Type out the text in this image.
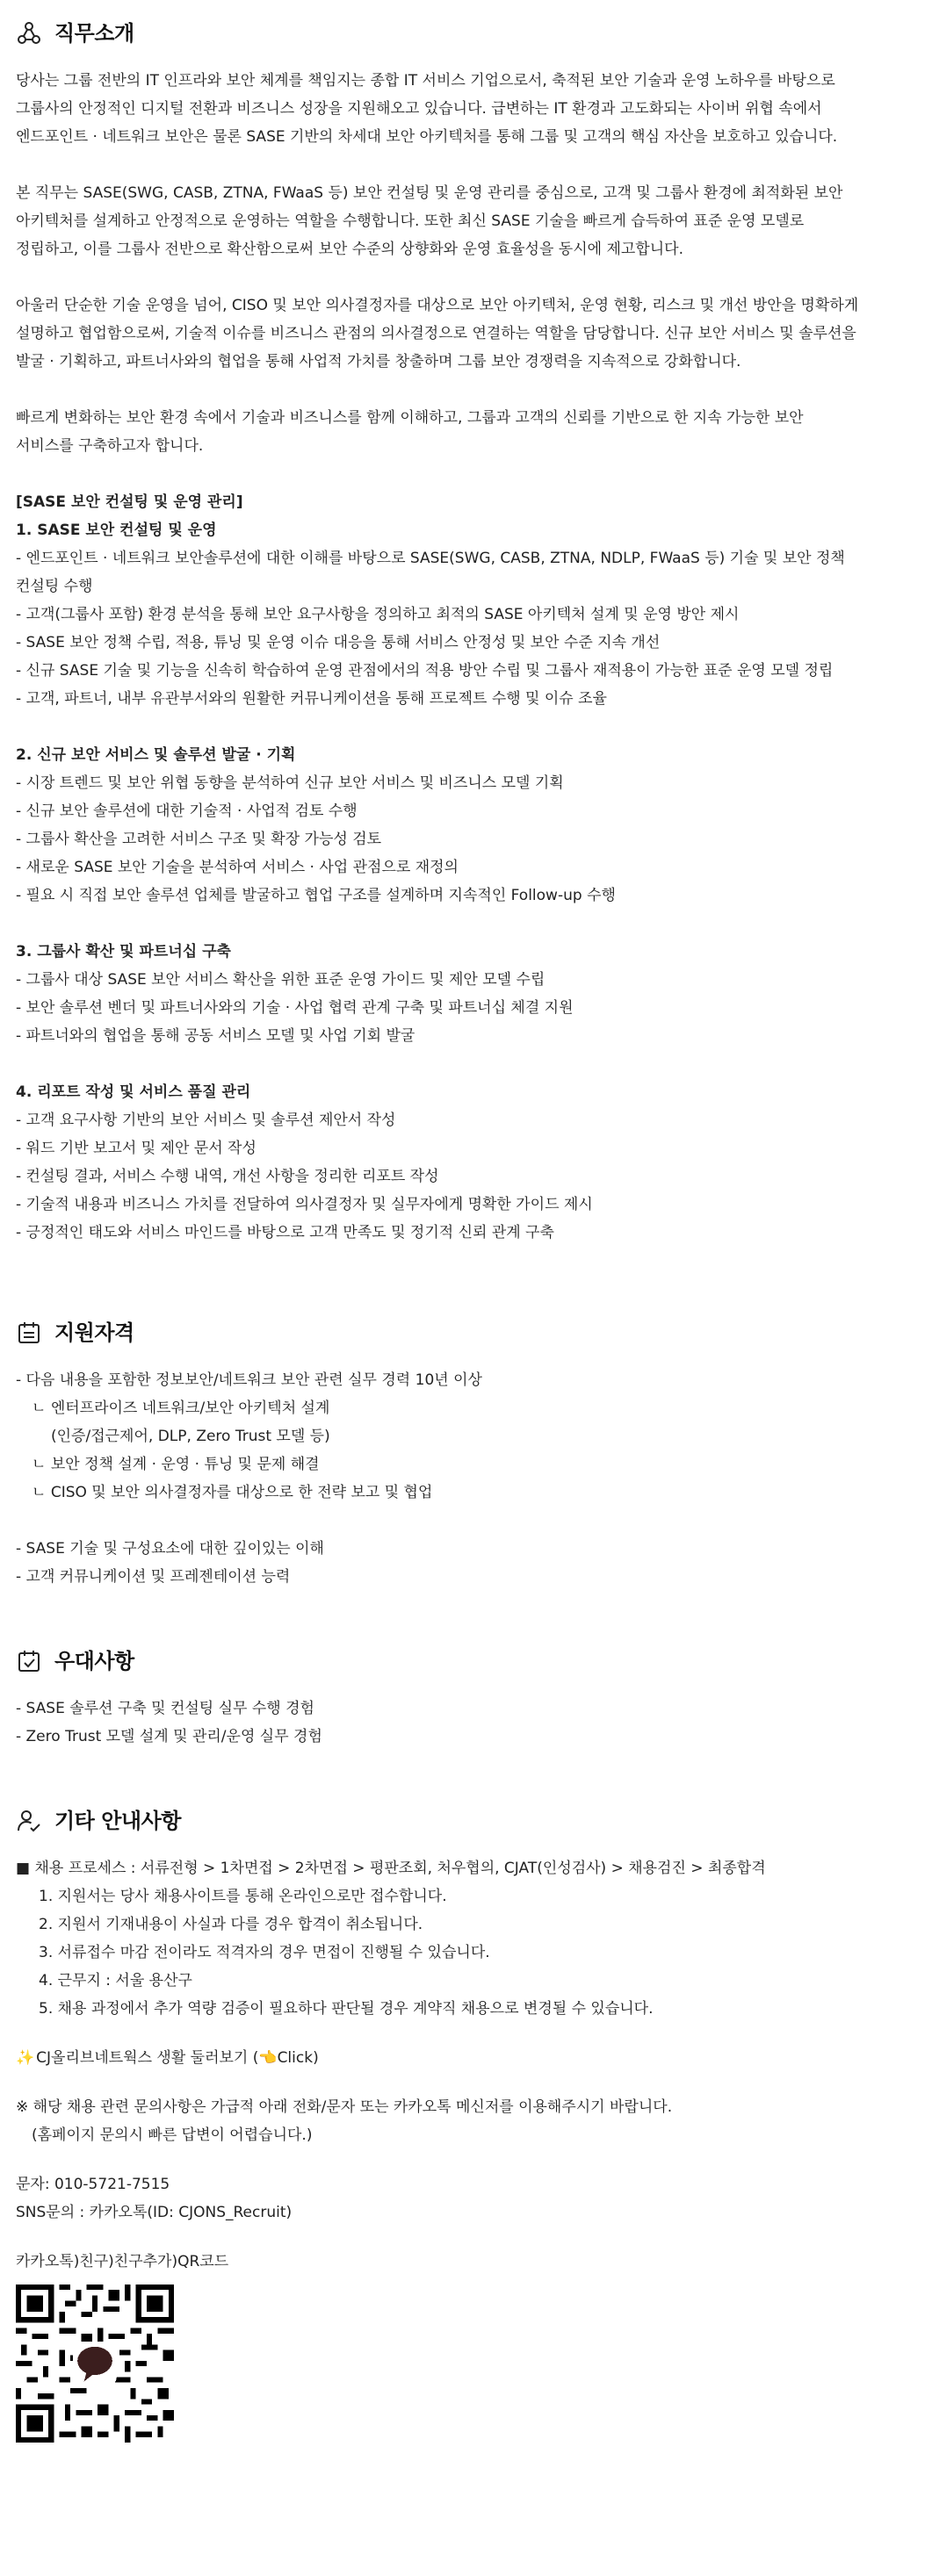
직무소개

당사는 그룹 전반의 IT 인프라와 보안 체계를 책임지는 종합 IT 서비스 기업으로서, 축적된 보안 기술과 운영 노하우를 바탕으로

그룹사의 안정적인 디지털 전환과 비즈니스 성장을 지원해오고 있습니다. 급변하는 IT 환경과 고도화되는 사이버 위협 속에서

엔드포인트 · 네트워크 보안은 물론 SASE 기반의 차세대 보안 아키텍처를 통해 그룹 및 고객의 핵심 자산을 보호하고 있습니다.

본 직무는 SASE(SWG, CASB, ZTNA, FWaaS 등) 보안 컨설팅 및 운영 관리를 중심으로, 고객 및 그룹사 환경에 최적화된 보안

아키텍처를 설계하고 안정적으로 운영하는 역할을 수행합니다. 또한 최신 SASE 기술을 빠르게 습득하여 표준 운영 모델로

정립하고, 이를 그룹사 전반으로 확산함으로써 보안 수준의 상향화와 운영 효율성을 동시에 제고합니다.

아울러 단순한 기술 운영을 넘어, CISO 및 보안 의사결정자를 대상으로 보안 아키텍처, 운영 현황, 리스크 및 개선 방안을 명확하게

설명하고 협업함으로써, 기술적 이슈를 비즈니스 관점의 의사결정으로 연결하는 역할을 담당합니다. 신규 보안 서비스 및 솔루션을

발굴 · 기획하고, 파트너사와의 협업을 통해 사업적 가치를 창출하며 그룹 보안 경쟁력을 지속적으로 강화합니다.

빠르게 변화하는 보안 환경 속에서 기술과 비즈니스를 함께 이해하고, 그룹과 고객의 신뢰를 기반으로 한 지속 가능한 보안

서비스를 구축하고자 합니다.

[SASE 보안 컨설팅 및 운영 관리]

1. SASE 보안 컨설팅 및 운영

- 엔드포인트 · 네트워크 보안솔루션에 대한 이해를 바탕으로 SASE(SWG, CASB, ZTNA, NDLP, FWaaS 등) 기술 및 보안 정책

컨설팅 수행

- 고객(그룹사 포함) 환경 분석을 통해 보안 요구사항을 정의하고 최적의 SASE 아키텍처 설계 및 운영 방안 제시

- SASE 보안 정책 수립, 적용, 튜닝 및 운영 이슈 대응을 통해 서비스 안정성 및 보안 수준 지속 개선

- 신규 SASE 기술 및 기능을 신속히 학습하여 운영 관점에서의 적용 방안 수립 및 그룹사 재적용이 가능한 표준 운영 모델 정립

- 고객, 파트너, 내부 유관부서와의 원활한 커뮤니케이션을 통해 프로젝트 수행 및 이슈 조율

2. 신규 보안 서비스 및 솔루션 발굴 · 기획

- 시장 트렌드 및 보안 위협 동향을 분석하여 신규 보안 서비스 및 비즈니스 모델 기획

- 신규 보안 솔루션에 대한 기술적 · 사업적 검토 수행

- 그룹사 확산을 고려한 서비스 구조 및 확장 가능성 검토

- 새로운 SASE 보안 기술을 분석하여 서비스 · 사업 관점으로 재정의

- 필요 시 직접 보안 솔루션 업체를 발굴하고 협업 구조를 설계하며 지속적인 Follow-up 수행

3. 그룹사 확산 및 파트너십 구축

- 그룹사 대상 SASE 보안 서비스 확산을 위한 표준 운영 가이드 및 제안 모델 수립

- 보안 솔루션 벤더 및 파트너사와의 기술 · 사업 협력 관계 구축 및 파트너십 체결 지원

- 파트너와의 협업을 통해 공동 서비스 모델 및 사업 기회 발굴

4. 리포트 작성 및 서비스 품질 관리

- 고객 요구사항 기반의 보안 서비스 및 솔루션 제안서 작성

- 워드 기반 보고서 및 제안 문서 작성

- 컨설팅 결과, 서비스 수행 내역, 개선 사항을 정리한 리포트 작성

- 기술적 내용과 비즈니스 가치를 전달하여 의사결정자 및 실무자에게 명확한 가이드 제시

- 긍정적인 태도와 서비스 마인드를 바탕으로 고객 만족도 및 정기적 신뢰 관계 구축

지원자격

- 다음 내용을 포함한 정보보안/네트워크 보안 관련 실무 경력 10년 이상

ㄴ 엔터프라이즈 네트워크/보안 아키텍처 설계

(인증/접근제어, DLP, Zero Trust 모델 등)

ㄴ 보안 정책 설계 · 운영 · 튜닝 및 문제 해결

ㄴ CISO 및 보안 의사결정자를 대상으로 한 전략 보고 및 협업

- SASE 기술 및 구성요소에 대한 깊이있는 이해

- 고객 커뮤니케이션 및 프레젠테이션 능력

우대사항

- SASE 솔루션 구축 및 컨설팅 실무 수행 경험

- Zero Trust 모델 설계 및 관리/운영 실무 경험

기타 안내사항

■ 채용 프로세스 : 서류전형 > 1차면접 > 2차면접 > 평판조회, 처우협의, CJAT(인성검사) > 채용검진 > 최종합격

1. 지원서는 당사 채용사이트를 통해 온라인으로만 접수합니다.

2. 지원서 기재내용이 사실과 다를 경우 합격이 취소됩니다.

3. 서류접수 마감 전이라도 적격자의 경우 면접이 진행될 수 있습니다.

4. 근무지 : 서울 용산구

5. 채용 과정에서 추가 역량 검증이 필요하다 판단될 경우 계약직 채용으로 변경될 수 있습니다.

✨ CJ올리브네트웍스 생활 둘러보기 ( 👈 Click)

※ 해당 채용 관련 문의사항은 가급적 아래 전화/문자 또는 카카오톡 메신저를 이용해주시기 바랍니다.

(홈페이지 문의시 빠른 답변이 어렵습니다.)

문자: 010-5721-7515

SNS문의 : 카카오톡(ID: CJONS_Recruit)

카카오톡)친구)친구추가)QR코드
